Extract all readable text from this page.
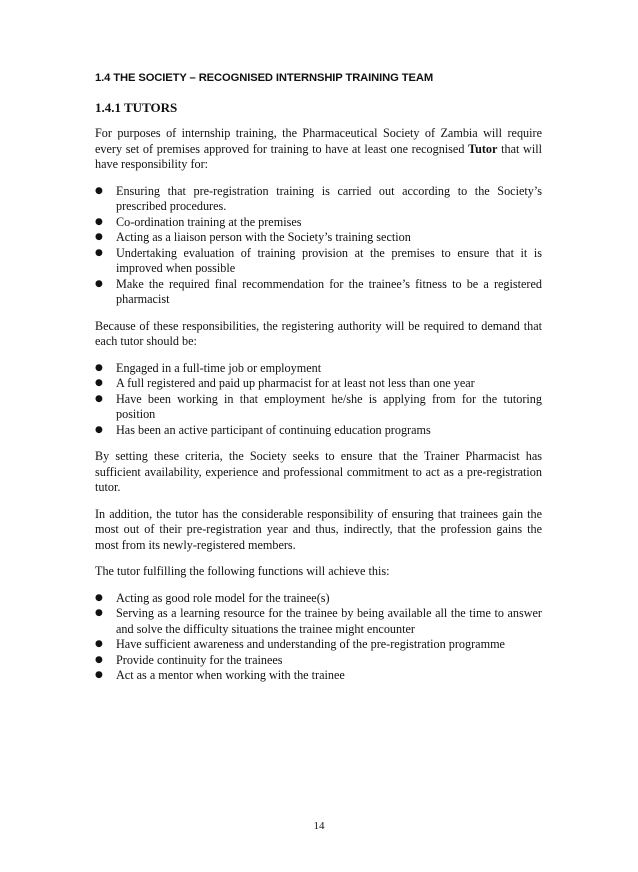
1.4 THE SOCIETY – RECOGNISED INTERNSHIP TRAINING TEAM
1.4.1 TUTORS

For purposes of internship training, the Pharmaceutical Society of Zambia will require every set of premises approved for training to have at least one recognised Tutor that will have responsibility for:

● Ensuring that pre-registration training is carried out according to the Society’s prescribed procedures.
● Co-ordination training at the premises
● Acting as a liaison person with the Society’s training section
● Undertaking evaluation of training provision at the premises to ensure that it is improved when possible
● Make the required final recommendation for the trainee’s fitness to be a registered pharmacist

Because of these responsibilities, the registering authority will be required to demand that each tutor should be:

● Engaged in a full-time job or employment
● A full registered and paid up pharmacist for at least not less than one year
● Have been working in that employment he/she is applying from for the tutoring position
● Has been an active participant of continuing education programs

By setting these criteria, the Society seeks to ensure that the Trainer Pharmacist has sufficient availability, experience and professional commitment to act as a pre-registration tutor.

In addition, the tutor has the considerable responsibility of ensuring that trainees gain the most out of their pre-registration year and thus, indirectly, that the profession gains the most from its newly-registered members.

The tutor fulfilling the following functions will achieve this:

● Acting as good role model for the trainee(s)
● Serving as a learning resource for the trainee by being available all the time to answer and solve the difficulty situations the trainee might encounter
● Have sufficient awareness and understanding of the pre-registration programme
● Provide continuity for the trainees
● Act as a mentor when working with the trainee
14
